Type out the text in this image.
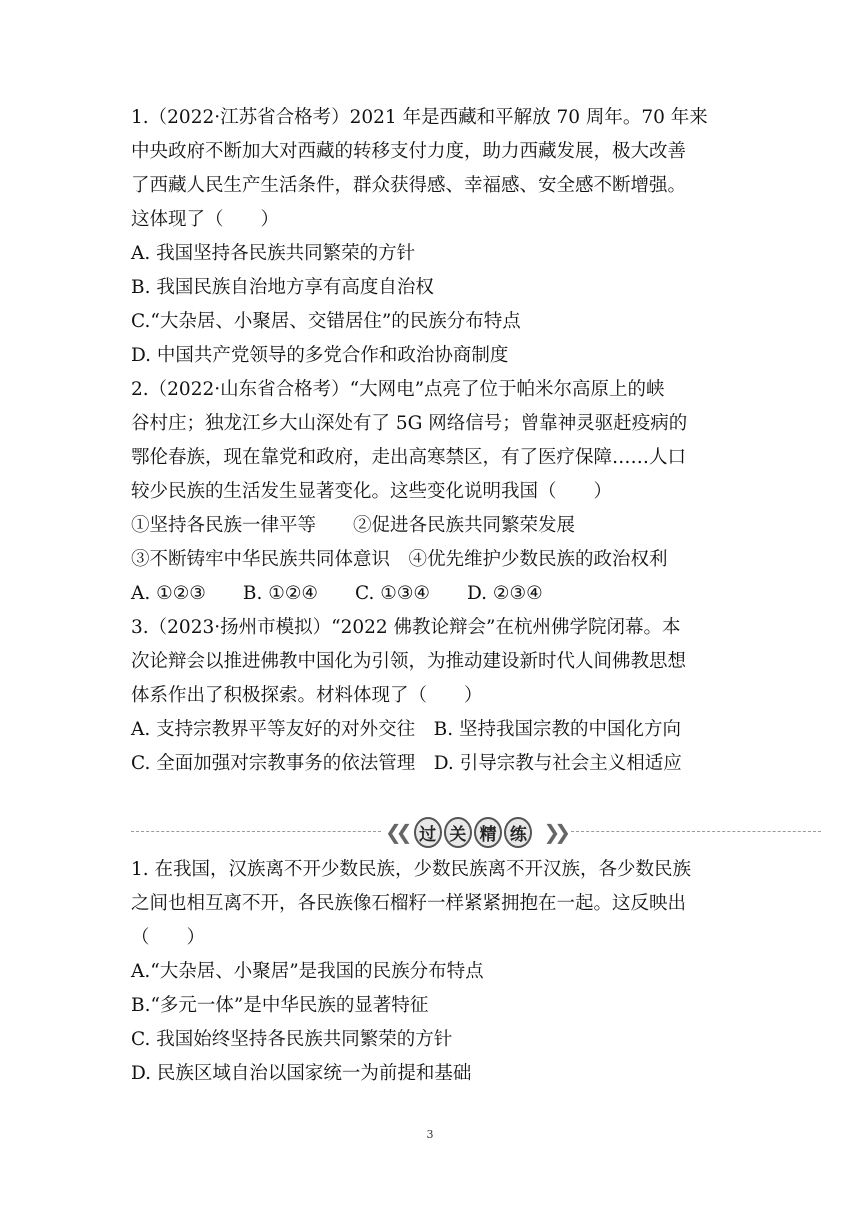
1.（2022·江苏省合格考）2021 年是西藏和平解放 70 周年。70 年来
中央政府不断加大对西藏的转移支付力度，助力西藏发展，极大改善
了西藏人民生产生活条件，群众获得感、幸福感、安全感不断增强。
这体现了（　　）
A. 我国坚持各民族共同繁荣的方针
B. 我国民族自治地方享有高度自治权
C.“大杂居、小聚居、交错居住”的民族分布特点
D. 中国共产党领导的多党合作和政治协商制度
2.（2022·山东省合格考）“大网电”点亮了位于帕米尔高原上的峡
谷村庄；独龙江乡大山深处有了 5G 网络信号；曾靠神灵驱赶疫病的
鄂伦春族，现在靠党和政府，走出高寒禁区，有了医疗保障……人口
较少民族的生活发生显著变化。这些变化说明我国（　　）
①坚持各民族一律平等　　②促进各民族共同繁荣发展
③不断铸牢中华民族共同体意识　④优先维护少数民族的政治权利
A. ①②③　　B. ①②④　　C. ①③④　　D. ②③④
3.（2023·扬州市模拟）“2022 佛教论辩会”在杭州佛学院闭幕。本
次论辩会以推进佛教中国化为引领，为推动建设新时代人间佛教思想
体系作出了积极探索。材料体现了（　　）
A. 支持宗教界平等友好的对外交往　B. 坚持我国宗教的中国化方向
C. 全面加强对宗教事务的依法管理　D. 引导宗教与社会主义相适应
❮❮ 过 关 精 练 ❯❯
1. 在我国，汉族离不开少数民族，少数民族离不开汉族，各少数民族
之间也相互离不开，各民族像石榴籽一样紧紧拥抱在一起。这反映出
（　　）
A.“大杂居、小聚居”是我国的民族分布特点
B.“多元一体”是中华民族的显著特征
C. 我国始终坚持各民族共同繁荣的方针
D. 民族区域自治以国家统一为前提和基础
3
